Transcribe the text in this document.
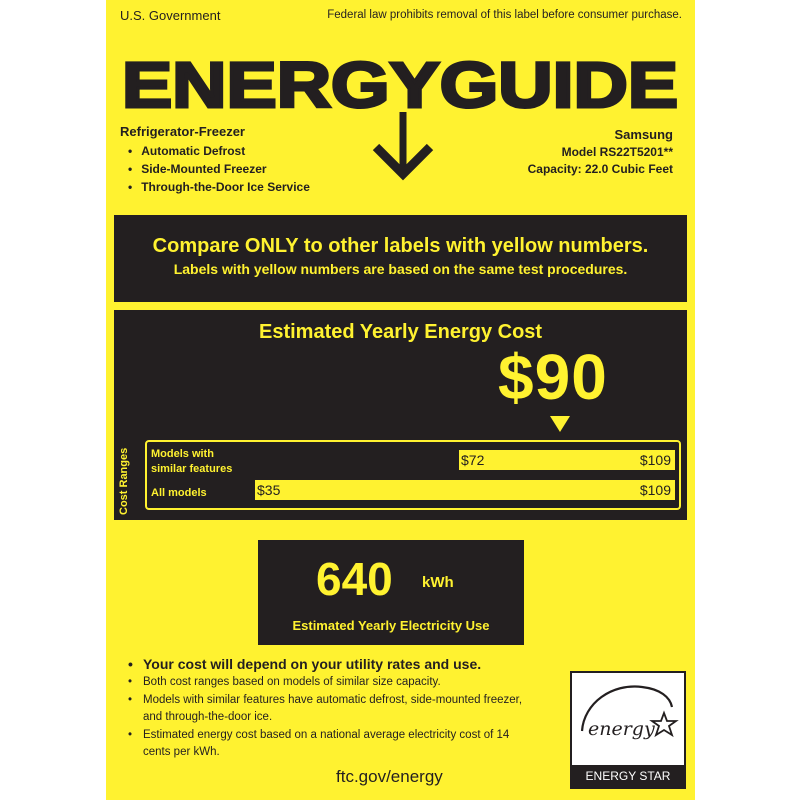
U.S. Government	Federal law prohibits removal of this label before consumer purchase.
ENERGYGUIDE
Refrigerator-Freezer
• Automatic Defrost
• Side-Mounted Freezer
• Through-the-Door Ice Service
Samsung
Model RS22T5201**
Capacity: 22.0 Cubic Feet
Compare ONLY to other labels with yellow numbers.
Labels with yellow numbers are based on the same test procedures.
Estimated Yearly Energy Cost
$90
Cost Ranges Models with
similar features
$72	$109
All models	$35	$109
640 kWh
Estimated Yearly Electricity Use
• Your cost will depend on your utility rates and use.
• Both cost ranges based on models of similar size capacity.
• Models with similar features have automatic defrost, side-mounted freezer, and through-the-door ice.
• Estimated energy cost based on a national average electricity cost of 14 cents per kWh.
ftc.gov/energy
energy
ENERGY STAR
